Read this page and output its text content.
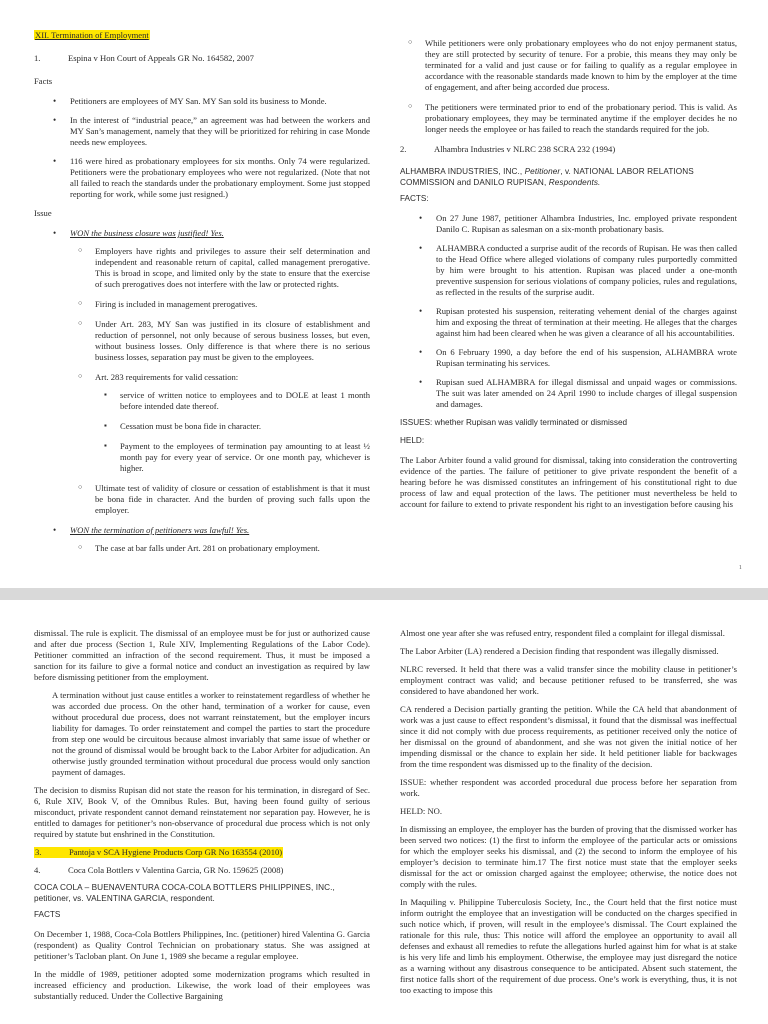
XII. Termination of Employment
1.	Espina v Hon Court of Appeals GR No. 164582, 2007
Facts
• Petitioners are employees of MY San. MY San sold its business to Monde.
• In the interest of “industrial peace,” an agreement was had between the workers and MY San’s management, namely that they will be prioritized for rehiring in case Monde needs new employees.
• 116 were hired as probationary employees for six months. Only 74 were regularized. Petitioners were the probationary employees who were not regularized. (Note that not all failed to reach the standards under the probationary employment. Some just stopped reporting for work, while some just resigned.)
Issue
• WON the business closure was justified! Yes.
○ Employers have rights and privileges to assure their self determination and independent and reasonable return of capital, called management prerogative. This is broad in scope, and limited only by the state to ensure that the exercise of such prerogatives does not interfere with the law or protected rights.
○ Firing is included in management prerogatives.
○ Under Art. 283, MY San was justified in its closure of establishment and reduction of personnel, not only because of serous business losses, but even, without business losses. Only difference is that where there is no serious business losses, separation pay must be given to the employees.
○ Art. 283 requirements for valid cessation:
▪ service of written notice to employees and to DOLE at least 1 month before intended date thereof.
▪ Cessation must be bona fide in character.
▪ Payment to the employees of termination pay amounting to at least ½ month pay for every year of service. Or one month pay, whichever is higher.
○ Ultimate test of validity of closure or cessation of establishment is that it must be bona fide in character. And the burden of proving such falls upon the employer.
• WON the termination of petitioners was lawful! Yes.
○ The case at bar falls under Art. 281 on probationary employment.
○ While petitioners were only probationary employees who do not enjoy permanent status, they are still protected by security of tenure. For a probie, this means they may only be terminated for a valid and just cause or for failing to qualify as a regular employee in accordance with the reasonable standards made known to him by the employer at the time of engagement, and after being accorded due process.
○ The petitioners were terminated prior to end of the probationary period. This is valid. As probationary employees, they may be terminated anytime if the employer decides he no longer needs the employee or has failed to reach the standards required for the job.
2.	Alhambra Industries v NLRC 238 SCRA 232 (1994)
ALHAMBRA INDUSTRIES, INC., Petitioner, v. NATIONAL LABOR RELATIONS COMMISSION and DANILO RUPISAN, Respondents.
FACTS:
• On 27 June 1987, petitioner Alhambra Industries, Inc. employed private respondent Danilo C. Rupisan as salesman on a six-month probationary basis.
• ALHAMBRA conducted a surprise audit of the records of Rupisan. He was then called to the Head Office where alleged violations of company rules purportedly committed by him were brought to his attention. Rupisan was placed under a one-month preventive suspension for serious violations of company policies, rules and regulations, as reflected in the results of the surprise audit.
• Rupisan protested his suspension, reiterating vehement denial of the charges against him and exposing the threat of termination at their meeting. He alleges that the charges against him had been cleared when he was given a clearance of all his accountabilities.
• On 6 February 1990, a day before the end of his suspension, ALHAMBRA wrote Rupisan terminating his services.
• Rupisan sued ALHAMBRA for illegal dismissal and unpaid wages or commissions. The suit was later amended on 24 April 1990 to include charges of illegal suspension and damages.
ISSUES: whether Rupisan was validly terminated or dismissed
HELD:

The Labor Arbiter found a valid ground for dismissal, taking into consideration the controverting evidence of the parties. The failure of petitioner to give private respondent the benefit of a hearing before he was dismissed constitutes an infringement of his constitutional right to due process of law and equal protection of the laws. The petitioner must nevertheless be held to account for failure to extend to private respondent his right to an investigation before causing his

1

dismissal. The rule is explicit. The dismissal of an employee must be for just or authorized cause and after due process (Section 1, Rule XIV, Implementing Regulations of the Labor Code). Petitioner committed an infraction of the second requirement. Thus, it must be imposed a sanction for its failure to give a formal notice and conduct an investigation as required by law before dismissing petitioner from the employment.

A termination without just cause entitles a worker to reinstatement regardless of whether he was accorded due process. On the other hand, termination of a worker for cause, even without procedural due process, does not warrant reinstatement, but the employer incurs liability for damages. To order reinstatement and compel the parties to start the procedure from step one would be circuitous because almost invariably that same issue of whether or not the ground of dismissal would be brought back to the Labor Arbiter for adjudication. An otherwise justly grounded termination without procedural due process would only sanction payment of damages.

The decision to dismiss Rupisan did not state the reason for his termination, in disregard of Sec. 6, Rule XIV, Book V, of the Omnibus Rules. But, having been found guilty of serious misconduct, private respondent cannot demand reinstatement nor separation pay. However, he is entitled to damages for petitioner’s non-observance of procedural due process which is not only required by statute but enshrined in the Constitution.

3.	Pantoja v SCA Hygiene Products Corp GR No 163554 (2010)
4.	Coca Cola Bottlers v Valentina Garcia, GR No. 159625 (2008)
COCA COLA – BUENAVENTURA COCA-COLA BOTTLERS PHILIPPINES, INC., petitioner, vs. VALENTINA GARCIA, respondent.
FACTS

On December 1, 1988, Coca-Cola Bottlers Philippines, Inc. (petitioner) hired Valentina G. Garcia (respondent) as Quality Control Technician on probationary status. She was assigned at petitioner’s Tacloban plant. On June 1, 1989 she became a regular employee.

In the middle of 1989, petitioner adopted some modernization programs which resulted in increased efficiency and production. Likewise, the work load of their employees was substantially reduced. Under the Collective Bargaining

Almost one year after she was refused entry, respondent filed a complaint for illegal dismissal.

The Labor Arbiter (LA) rendered a Decision finding that respondent was illegally dismissed.

NLRC reversed. It held that there was a valid transfer since the mobility clause in petitioner’s employment contract was valid; and because petitioner refused to be transferred, she was considered to have abandoned her work.

CA rendered a Decision partially granting the petition. While the CA held that abandonment of work was a just cause to effect respondent’s dismissal, it found that the dismissal was ineffectual since it did not comply with due process requirements, as petitioner received only the notice of her dismissal on the ground of abandonment, and she was not given the initial notice of her impending dismissal or the chance to explain her side. It held petitioner liable for backwages from the time respondent was dismissed up to the finality of the decision.

ISSUE: whether respondent was accorded procedural due process before her separation from work.

HELD: NO.

In dismissing an employee, the employer has the burden of proving that the dismissed worker has been served two notices: (1) the first to inform the employee of the particular acts or omissions for which the employer seeks his dismissal, and (2) the second to inform the employee of his employer’s decision to terminate him.17 The first notice must state that the employer seeks dismissal for the act or omission charged against the employee; otherwise, the notice does not comply with the rules.

In Maquiling v. Philippine Tuberculosis Society, Inc., the Court held that the first notice must inform outright the employee that an investigation will be conducted on the charges specified in such notice which, if proven, will result in the employee’s dismissal. The Court explained the rationale for this rule, thus: This notice will afford the employee an opportunity to avail all defenses and exhaust all remedies to refute the allegations hurled against him for what is at stake is his very life and limb his employment. Otherwise, the employee may just disregard the notice as a warning without any disastrous consequence to be anticipated. Absent such statement, the first notice falls short of the requirement of due process. One’s work is everything, thus, it is not too exacting to impose this
